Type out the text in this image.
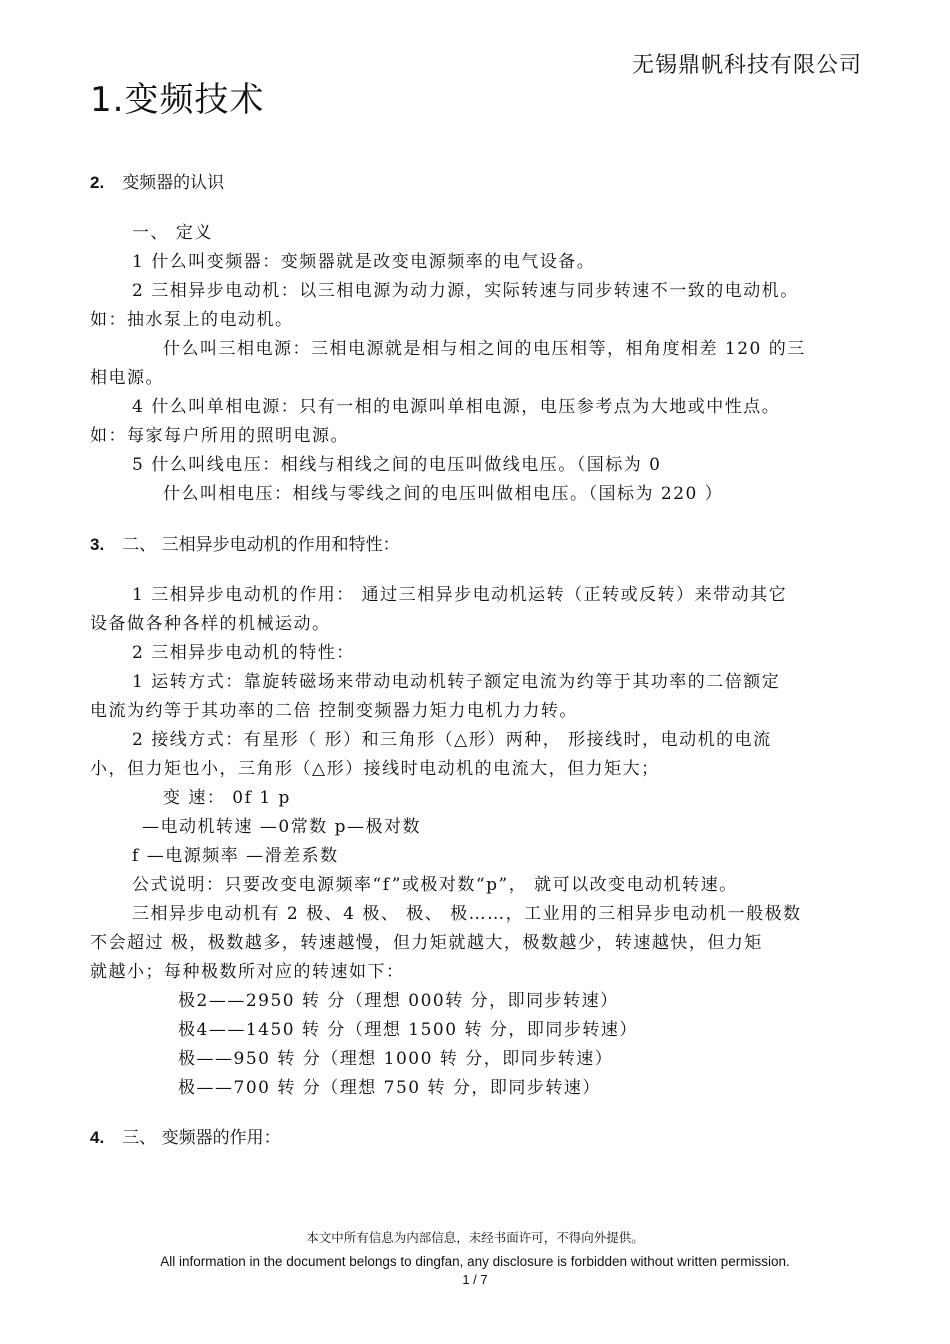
无锡鼎帆科技有限公司
1.变频技术
2. 变频器的认识
一、 定义
1 什么叫变频器：变频器就是改变电源频率的电气设备。
2 三相异步电动机：以三相电源为动力源，实际转速与同步转速不一致的电动机。
如：抽水泵上的电动机。
什么叫三相电源：三相电源就是相与相之间的电压相等，相角度相差 120 的三
相电源。
4 什么叫单相电源：只有一相的电源叫单相电源，电压参考点为大地或中性点。
如：每家每户所用的照明电源。
5 什么叫线电压：相线与相线之间的电压叫做线电压。（国标为 0
什么叫相电压：相线与零线之间的电压叫做相电压。（国标为 220 ）
3. 二、 三相异步电动机的作用和特性：
1 三相异步电动机的作用： 通过三相异步电动机运转（正转或反转）来带动其它
设备做各种各样的机械运动。
2 三相异步电动机的特性：
1 运转方式：靠旋转磁场来带动电动机转子额定电流为约等于其功率的二倍额定
电流为约等于其功率的二倍 控制变频器力矩力电机力力转。
2 接线方式：有星形（ 形）和三角形（△形）两种， 形接线时，电动机的电流
小，但力矩也小，三角形（△形）接线时电动机的电流大，但力矩大；
变 速： 0f 1 p
—电动机转速 —0常数 p—极对数
f —电源频率 —滑差系数
公式说明：只要改变电源频率“f”或极对数“p”， 就可以改变电动机转速。
三相异步电动机有 2 极、4 极、 极、 极……，工业用的三相异步电动机一般极数
不会超过 极，极数越多，转速越慢，但力矩就越大，极数越少，转速越快，但力矩
就越小；每种极数所对应的转速如下：
极2——2950 转 分（理想 000转 分，即同步转速）
极4——1450 转 分（理想 1500 转 分，即同步转速）
极——950 转 分（理想 1000 转 分，即同步转速）
极——700 转 分（理想 750 转 分，即同步转速）
4. 三、 变频器的作用：
本文中所有信息为内部信息，未经书面许可，不得向外提供。
All information in the document belongs to dingfan, any disclosure is forbidden without written permission.
1 / 7
